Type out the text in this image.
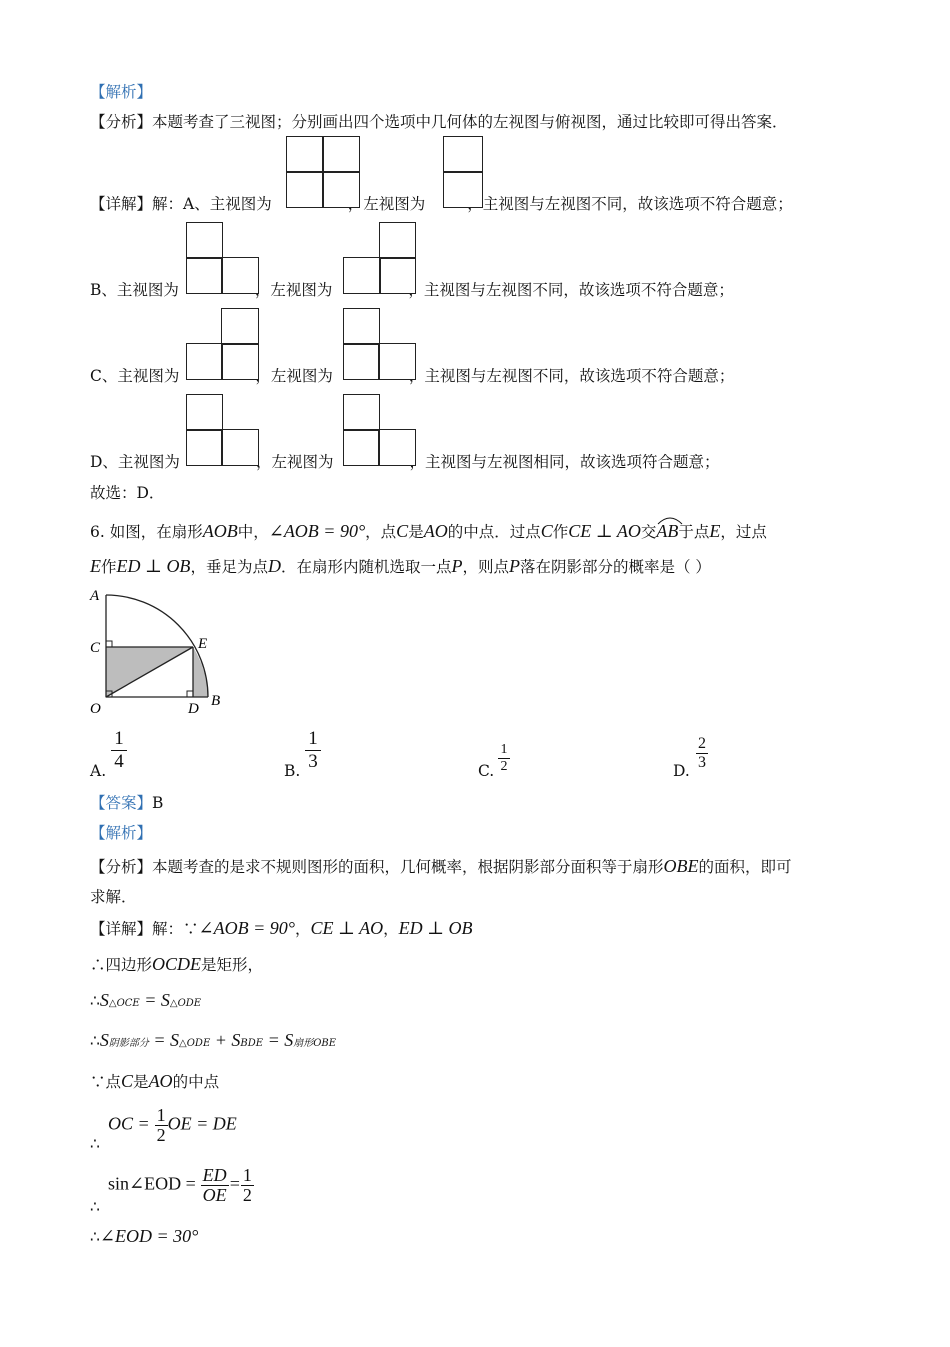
【解析】
【分析】本题考查了三视图；分别画出四个选项中几何体的左视图与俯视图，通过比较即可得出答案．
【详解】解：A、主视图为	，左视图为	，主视图与左视图不同，故该选项不符合题意；
B、主视图为	，左视图为	，主视图与左视图不同，故该选项不符合题意；
C、主视图为	，左视图为	，主视图与左视图不同，故该选项不符合题意；
D、主视图为	，左视图为	，主视图与左视图相同，故该选项符合题意；
故选：D．
6. 如图，在扇形AOB中，∠AOB = 90°，点C是AO的中点．过点C作CE ⊥ AO交AB
于点E，过点
E作ED ⊥ OB，垂足为点D．在扇形内随机选取一点P，则点P落在阴影部分的概率是（ ）
A
C	E
O	D B
A. $\frac{1}{4}$	B. $\frac{1}{3}$	C. $\frac{1}{2}$	D. $\frac{2}{3}$
【答案】B
【解析】
【分析】本题考查的是求不规则图形的面积，几何概率，根据阴影部分面积等于扇形OBE的面积，即可
求解．
【详解】解：∵∠AOB = 90°，CE ⊥ AO，ED ⊥ OB
∴四边形OCDE是矩形，
∴S△OCE = S△ODE
∴S阴影部分 = S△ODE + SBDE = S扇形OBE
∵点C是AO的中点
OC = $\frac{1}{2}$ OE = DE
∴
sin∠EOD = $\frac{ED}{OE} = \frac{1}{2}$
∴
∴∠EOD = 30°
